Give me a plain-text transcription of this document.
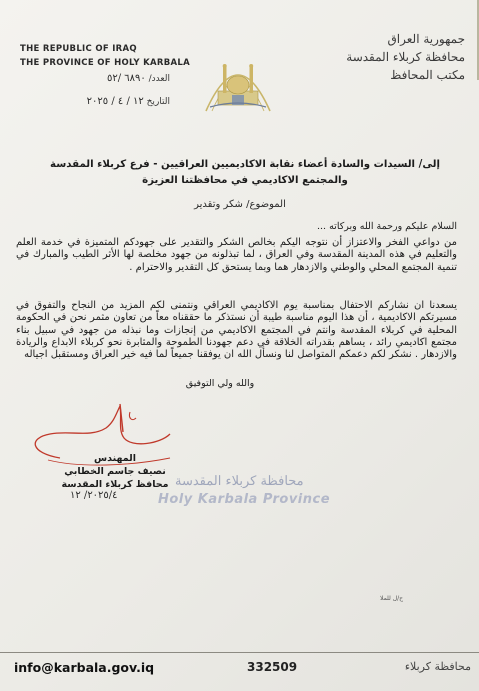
THE REPUBLIC OF IRAQ
THE PROVINCE OF HOLY KARBALA
العدد/ ٦٨٩٠ /٥٢
التاريخ ١٢ / ٤ / ٢٠٢٥
جمهورية العراق
محافظة كربلاء المقدسة
مكتب المحافظ
إلى/ السيدات والسادة أعضاء نقابة الاكاديميين العراقيين - فرع كربلاء المقدسة
والمجتمع الاكاديمي في محافظتنا العزيزة
الموضوع/ شكر وتقدير
السلام عليكم ورحمة الله وبركاته ...
من دواعي الفخر والاعتزاز أن نتوجه اليكم بخالص الشكر والتقدير على جهودكم المتميزة في خدمة العلم والتعليم في هذه المدينة المقدسة وفي العراق ، لما تبذلونه من جهود مخلصة لها الأثر الطيب والمبارك في تنمية المجتمع المحلي والوطني والازدهار هما وبما يستحق كل التقدير والاحترام .
يسعدنا ان نشاركم الاحتفال بمناسبة يوم الاكاديمي العراقي ونتمنى لكم المزيد من النجاح والتفوق في مسيرتكم الاكاديمية ، أن هذا اليوم مناسبة طيبة أن نستذكر ما حققناه معاً من تعاون مثمر نحن في الحكومة المحلية في كربلاء المقدسة وانتم في المجتمع الاكاديمي من إنجازات وما نبذله من جهود في سبيل بناء مجتمع اكاديمي رائد ، يساهم بقدراته الخلاقة في دعم جهودنا الطموحة والمثابرة نحو كربلاء الابداع والريادة والازدهار . نشكر لكم دعمكم المتواصل لنا ونسأل الله ان يوفقنا جميعاً لما فيه خير العراق ومستقبل اجياله
والله ولي التوفيق
محافظة كربلاء المقدسة
Holy Karbala Province
المهندس
نصيف جاسم الخطابي
محافظ كربلاء المقدسة
٢٠٢٥/٤/ ١٢
ح/ل للملا
info@karbala.gov.iq	332509	محافظة كربلاء
